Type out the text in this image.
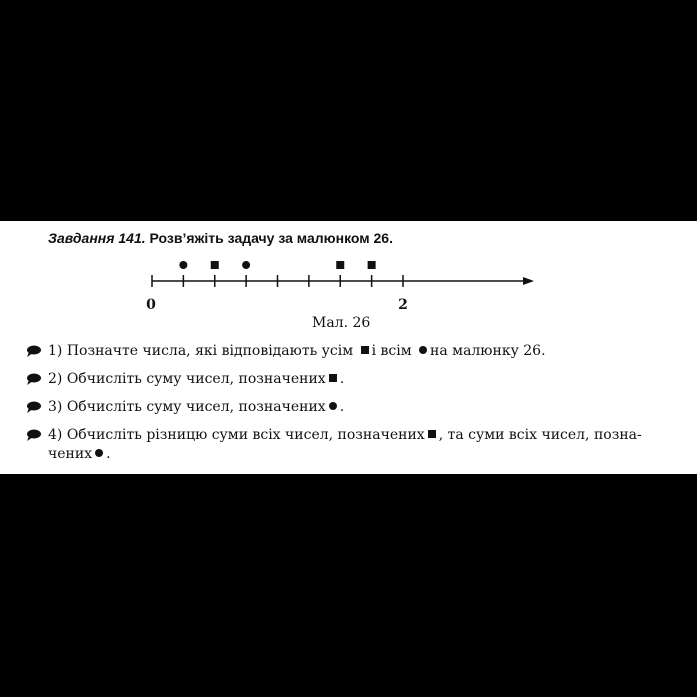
Завдання 141. Розв’яжіть задачу за малюнком 26.
0	2
Мал. 26
1) Позначте числа, які відповідають усім і всім на малюнку 26.
2) Обчисліть суму чисел, позначених .
3) Обчисліть суму чисел, позначених .
4) Обчисліть різницю суми всіх чисел, позначених , та суми всіх чисел, позна-
чених .
